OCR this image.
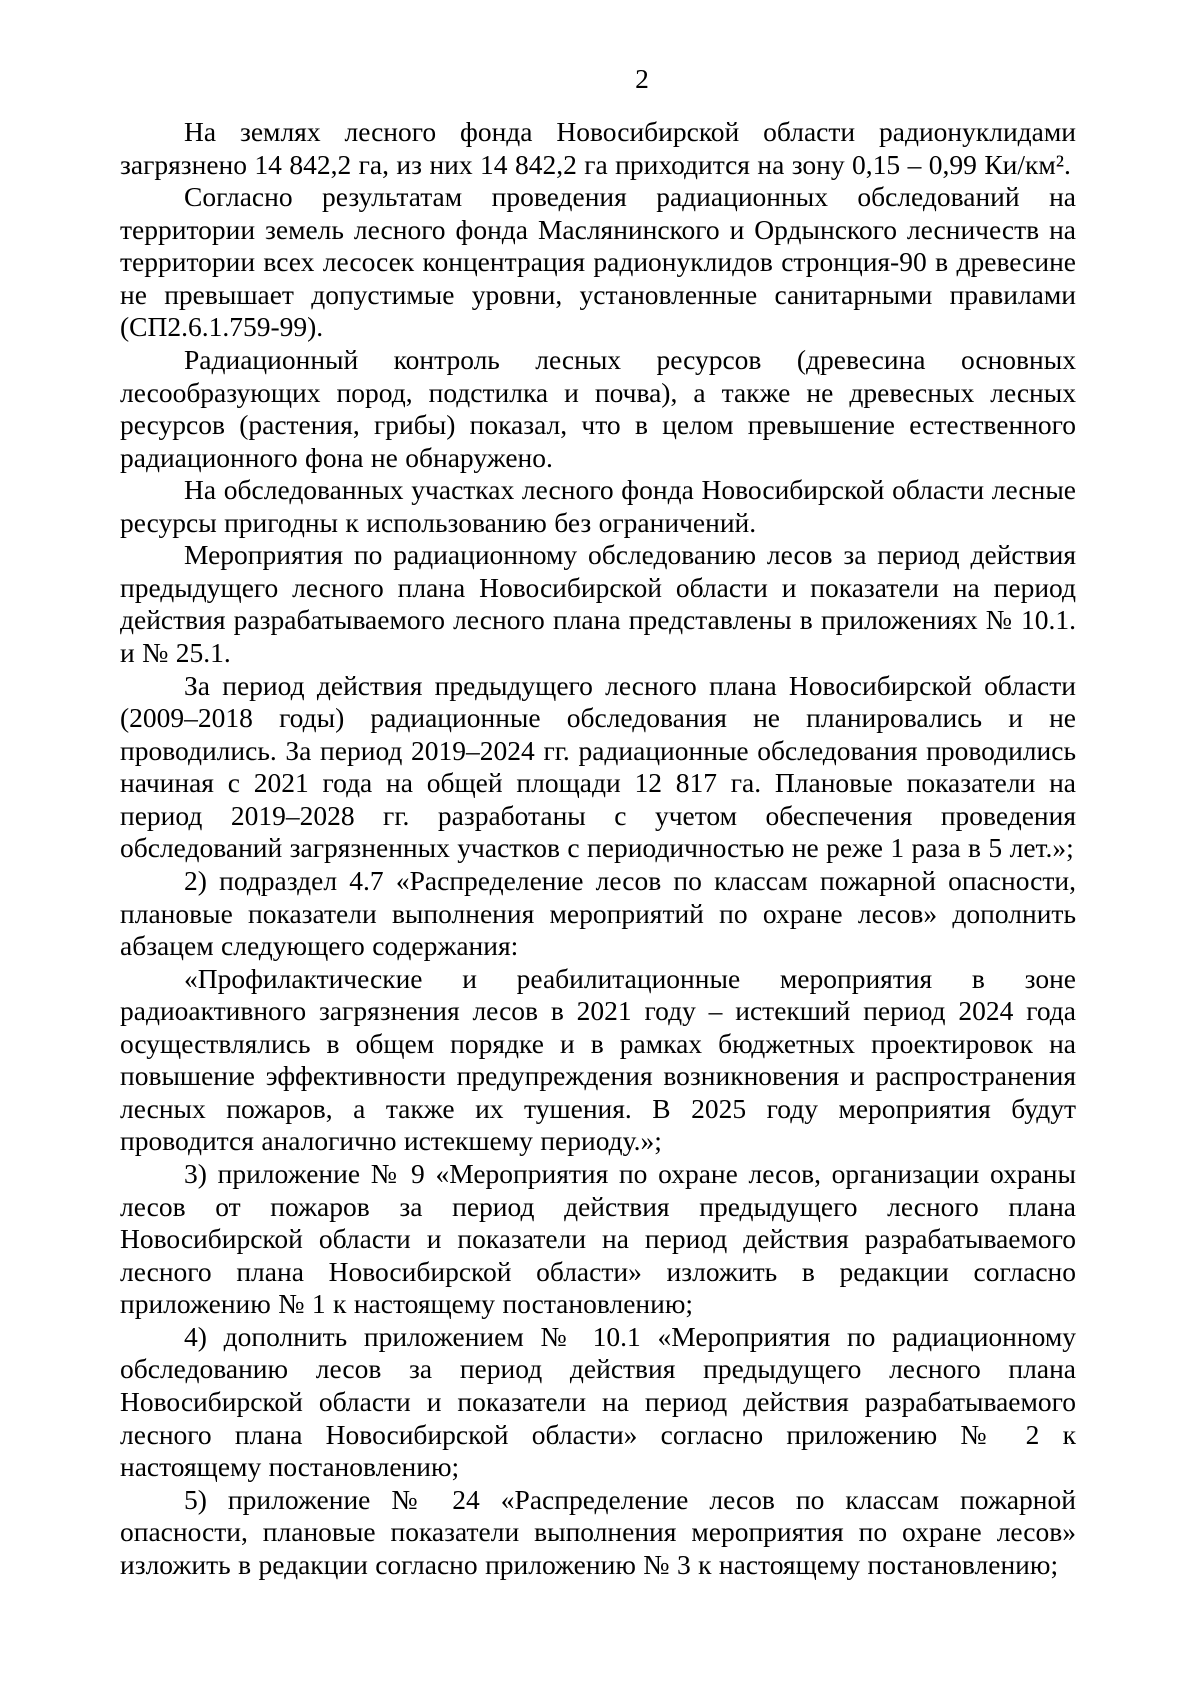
2

На землях лесного фонда Новосибирской области радионуклидами загрязнено 14 842,2 га, из них 14 842,2 га приходится на зону 0,15 – 0,99 Ки/км².

Согласно результатам проведения радиационных обследований на территории земель лесного фонда Маслянинского и Ордынского лесничеств на территории всех лесосек концентрация радионуклидов стронция-90 в древесине не превышает допустимые уровни, установленные санитарными правилами (СП2.6.1.759-99).

Радиационный контроль лесных ресурсов (древесина основных лесообразующих пород, подстилка и почва), а также не древесных лесных ресурсов (растения, грибы) показал, что в целом превышение естественного радиационного фона не обнаружено.

На обследованных участках лесного фонда Новосибирской области лесные ресурсы пригодны к использованию без ограничений.

Мероприятия по радиационному обследованию лесов за период действия предыдущего лесного плана Новосибирской области и показатели на период действия разрабатываемого лесного плана представлены в приложениях № 10.1. и № 25.1.

За период действия предыдущего лесного плана Новосибирской области (2009–2018 годы) радиационные обследования не планировались и не проводились. За период 2019–2024 гг. радиационные обследования проводились начиная с 2021 года на общей площади 12 817 га. Плановые показатели на период 2019–2028 гг. разработаны с учетом обеспечения проведения обследований загрязненных участков с периодичностью не реже 1 раза в 5 лет.»;

2) подраздел 4.7 «Распределение лесов по классам пожарной опасности, плановые показатели выполнения мероприятий по охране лесов» дополнить абзацем следующего содержания:

«Профилактические и реабилитационные мероприятия в зоне радиоактивного загрязнения лесов в 2021 году – истекший период 2024 года осуществлялись в общем порядке и в рамках бюджетных проектировок на повышение эффективности предупреждения возникновения и распространения лесных пожаров, а также их тушения. В 2025 году мероприятия будут проводится аналогично истекшему периоду.»;

3) приложение № 9 «Мероприятия по охране лесов, организации охраны лесов от пожаров за период действия предыдущего лесного плана Новосибирской области и показатели на период действия разрабатываемого лесного плана Новосибирской области» изложить в редакции согласно приложению № 1 к настоящему постановлению;

4) дополнить приложением № 10.1 «Мероприятия по радиационному обследованию лесов за период действия предыдущего лесного плана Новосибирской области и показатели на период действия разрабатываемого лесного плана Новосибирской области» согласно приложению № 2 к настоящему постановлению;

5) приложение № 24 «Распределение лесов по классам пожарной опасности, плановые показатели выполнения мероприятия по охране лесов» изложить в редакции согласно приложению № 3 к настоящему постановлению;
